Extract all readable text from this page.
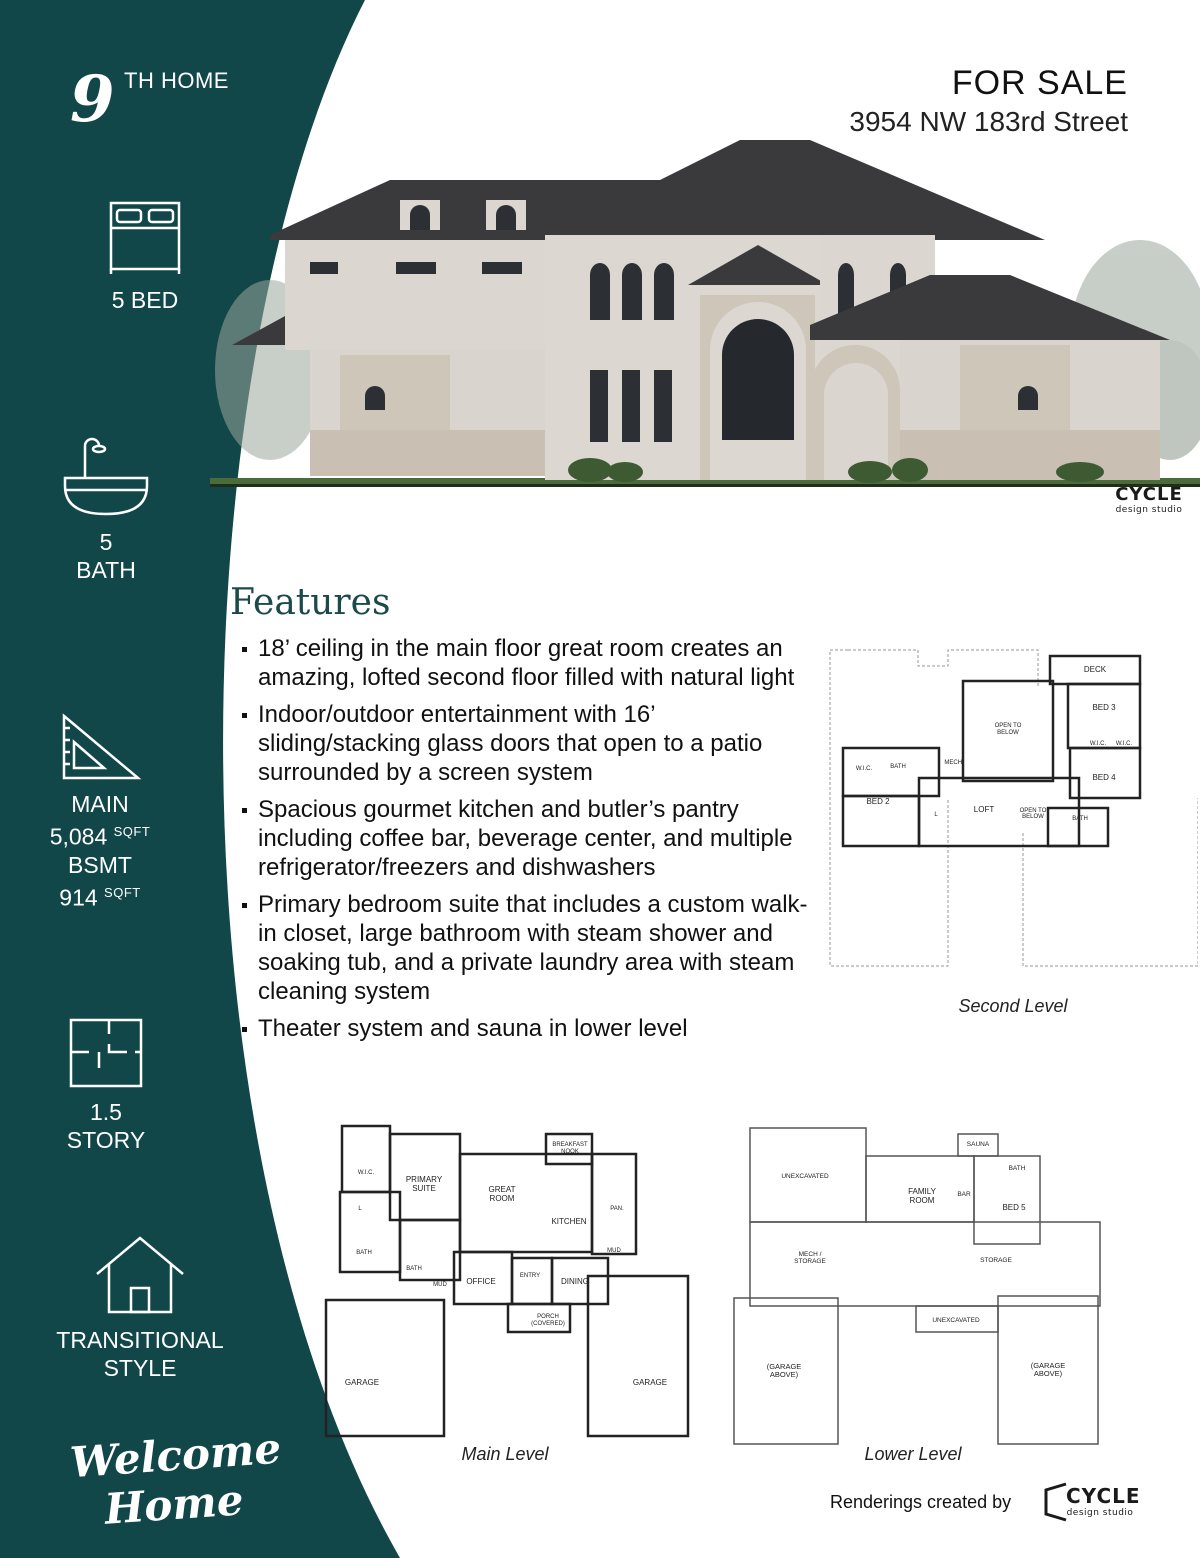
9 TH HOME
5 BED
5
BATH
MAIN
5,084 $^{SQFT}$
BSMT
914 $^{SQFT}$
1.5
STORY
TRANSITIONAL
STYLE
Welcome
Home
FOR SALE
3954 NW 183rd Street
CYCLE
design studio
Features
18’ ceiling in the main floor great room creates an amazing, lofted second floor filled with natural light
Indoor/outdoor entertainment with 16’ sliding/stacking glass doors that open to a patio surrounded by a screen system
Spacious gourmet kitchen and butler’s pantry including coffee bar, beverage center, and multiple refrigerator/freezers and dishwashers
Primary bedroom suite that includes a custom walk-in closet, large bathroom with steam shower and soaking tub, and a private laundry area with steam cleaning system
Theater system and sauna in lower level
DECK
BED 3
OPEN TO
BELOW
W.I.C. W.I.C.
BATH
MECH.
W.I.C.
BED 4
BED 2
L
LOFT	OPEN TO
BELOW	BATH
Second Level
W.I.C.
PRIMARY
SUITE	GREAT
ROOM
BREAKFAST
NOOK
KITCHEN
PAN.
MUD
BATH
BATH
MUD
L
OFFICE
ENTRY
DINING
PORCH
(COVERED)
GARAGE	GARAGE
Main Level
SAUNA
BATH
UNEXCAVATED
FAMILY
ROOM
BAR
BED 5
MECH /
STORAGE	STORAGE
UNEXCAVATED
(GARAGE
ABOVE)
(GARAGE
ABOVE)
Lower Level
Renderings created by	CYCLE
design studio
